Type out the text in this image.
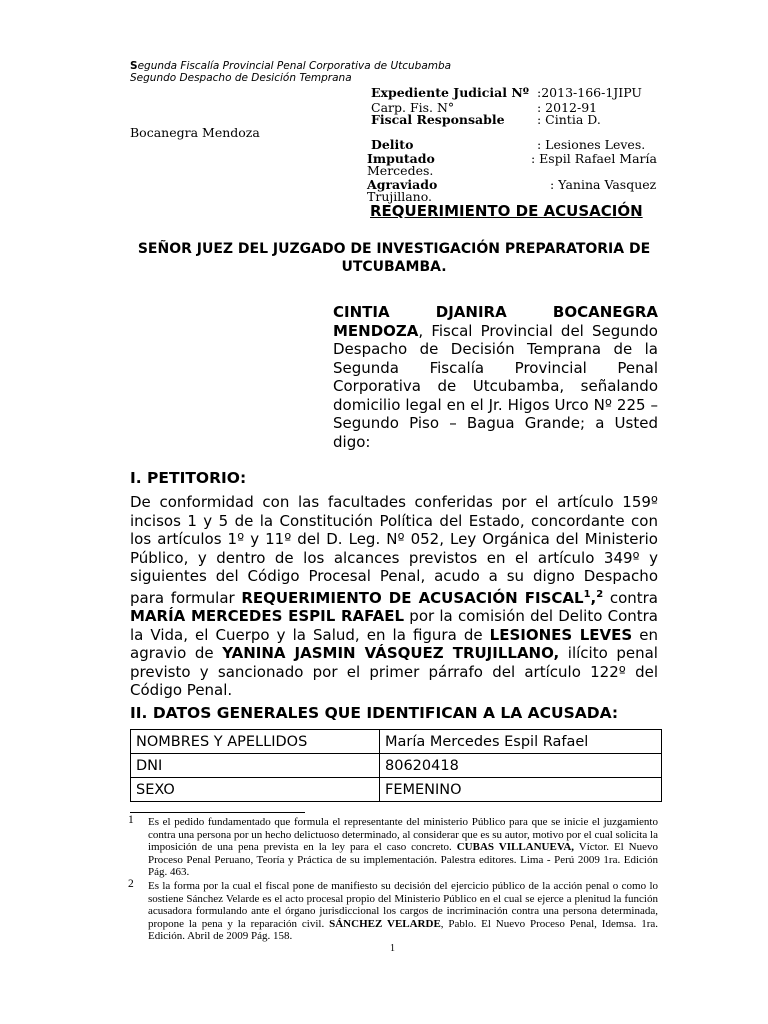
Segunda Fiscalía Provincial Penal Corporativa de Utcubamba
Segundo Despacho de Desición Temprana
Expediente Judicial Nº :2013-166-1JIPU
Carp. Fis. N°	: 2012-91
Fiscal Responsable	: Cintia D.
Bocanegra Mendoza
Delito	: Lesiones Leves.
Imputado	: Espil Rafael María
Mercedes.
Agraviado	: Yanina Vasquez
Trujillano.
REQUERIMIENTO DE ACUSACIÓN
SEÑOR JUEZ DEL JUZGADO DE INVESTIGACIÓN PREPARATORIA DE
UTCUBAMBA.
CINTIA DJANIRA BOCANEGRA
MENDOZA, Fiscal Provincial del Segundo Despacho de Decisión Temprana de la Segunda Fiscalía Provincial Penal Corporativa de Utcubamba, señalando domicilio legal en el Jr. Higos Urco Nº 225 – Segundo Piso – Bagua Grande; a Usted digo:
I. PETITORIO:
De conformidad con las facultades conferidas por el artículo 159º incisos 1 y 5 de la Constitución Política del Estado, concordante con los artículos 1º y 11º del D. Leg. Nº 052, Ley Orgánica del Ministerio Público, y dentro de los alcances previstos en el artículo 349º y siguientes del Código Procesal Penal, acudo a su digno Despacho para formular REQUERIMIENTO DE ACUSACIÓN FISCAL$^1$,$^2$ contra MARÍA MERCEDES ESPIL RAFAEL por la comisión del Delito Contra la Vida, el Cuerpo y la Salud, en la figura de LESIONES LEVES en agravio de YANINA JASMIN VÁSQUEZ TRUJILLANO, ilícito penal previsto y sancionado por el primer párrafo del artículo 122º del Código Penal.
II. DATOS GENERALES QUE IDENTIFICAN A LA ACUSADA:
NOMBRES Y APELLIDOS	María Mercedes Espil Rafael
DNI	80620418
SEXO	FEMENINO
1 Es el pedido fundamentado que formula el representante del ministerio Público para que se inicie el juzgamiento contra una persona por un hecho delictuoso determinado, al considerar que es su autor, motivo por el cual solicita la imposición de una pena prevista en la ley para el caso concreto. CUBAS VILLANUEVA, Víctor. El Nuevo Proceso Penal Peruano, Teoría y Práctica de su implementación. Palestra editores. Lima - Perú 2009 1ra. Edición Pág. 463.
2 Es la forma por la cual el fiscal pone de manifiesto su decisión del ejercicio público de la acción penal o como lo sostiene Sánchez Velarde es el acto procesal propio del Ministerio Público en el cual se ejerce a plenitud la función acusadora formulando ante el órgano jurisdiccional los cargos de incriminación contra una persona determinada, propone la pena y la reparación civil. SÁNCHEZ VELARDE, Pablo. El Nuevo Proceso Penal, Idemsa. 1ra. Edición. Abril de 2009 Pág. 158.
1
